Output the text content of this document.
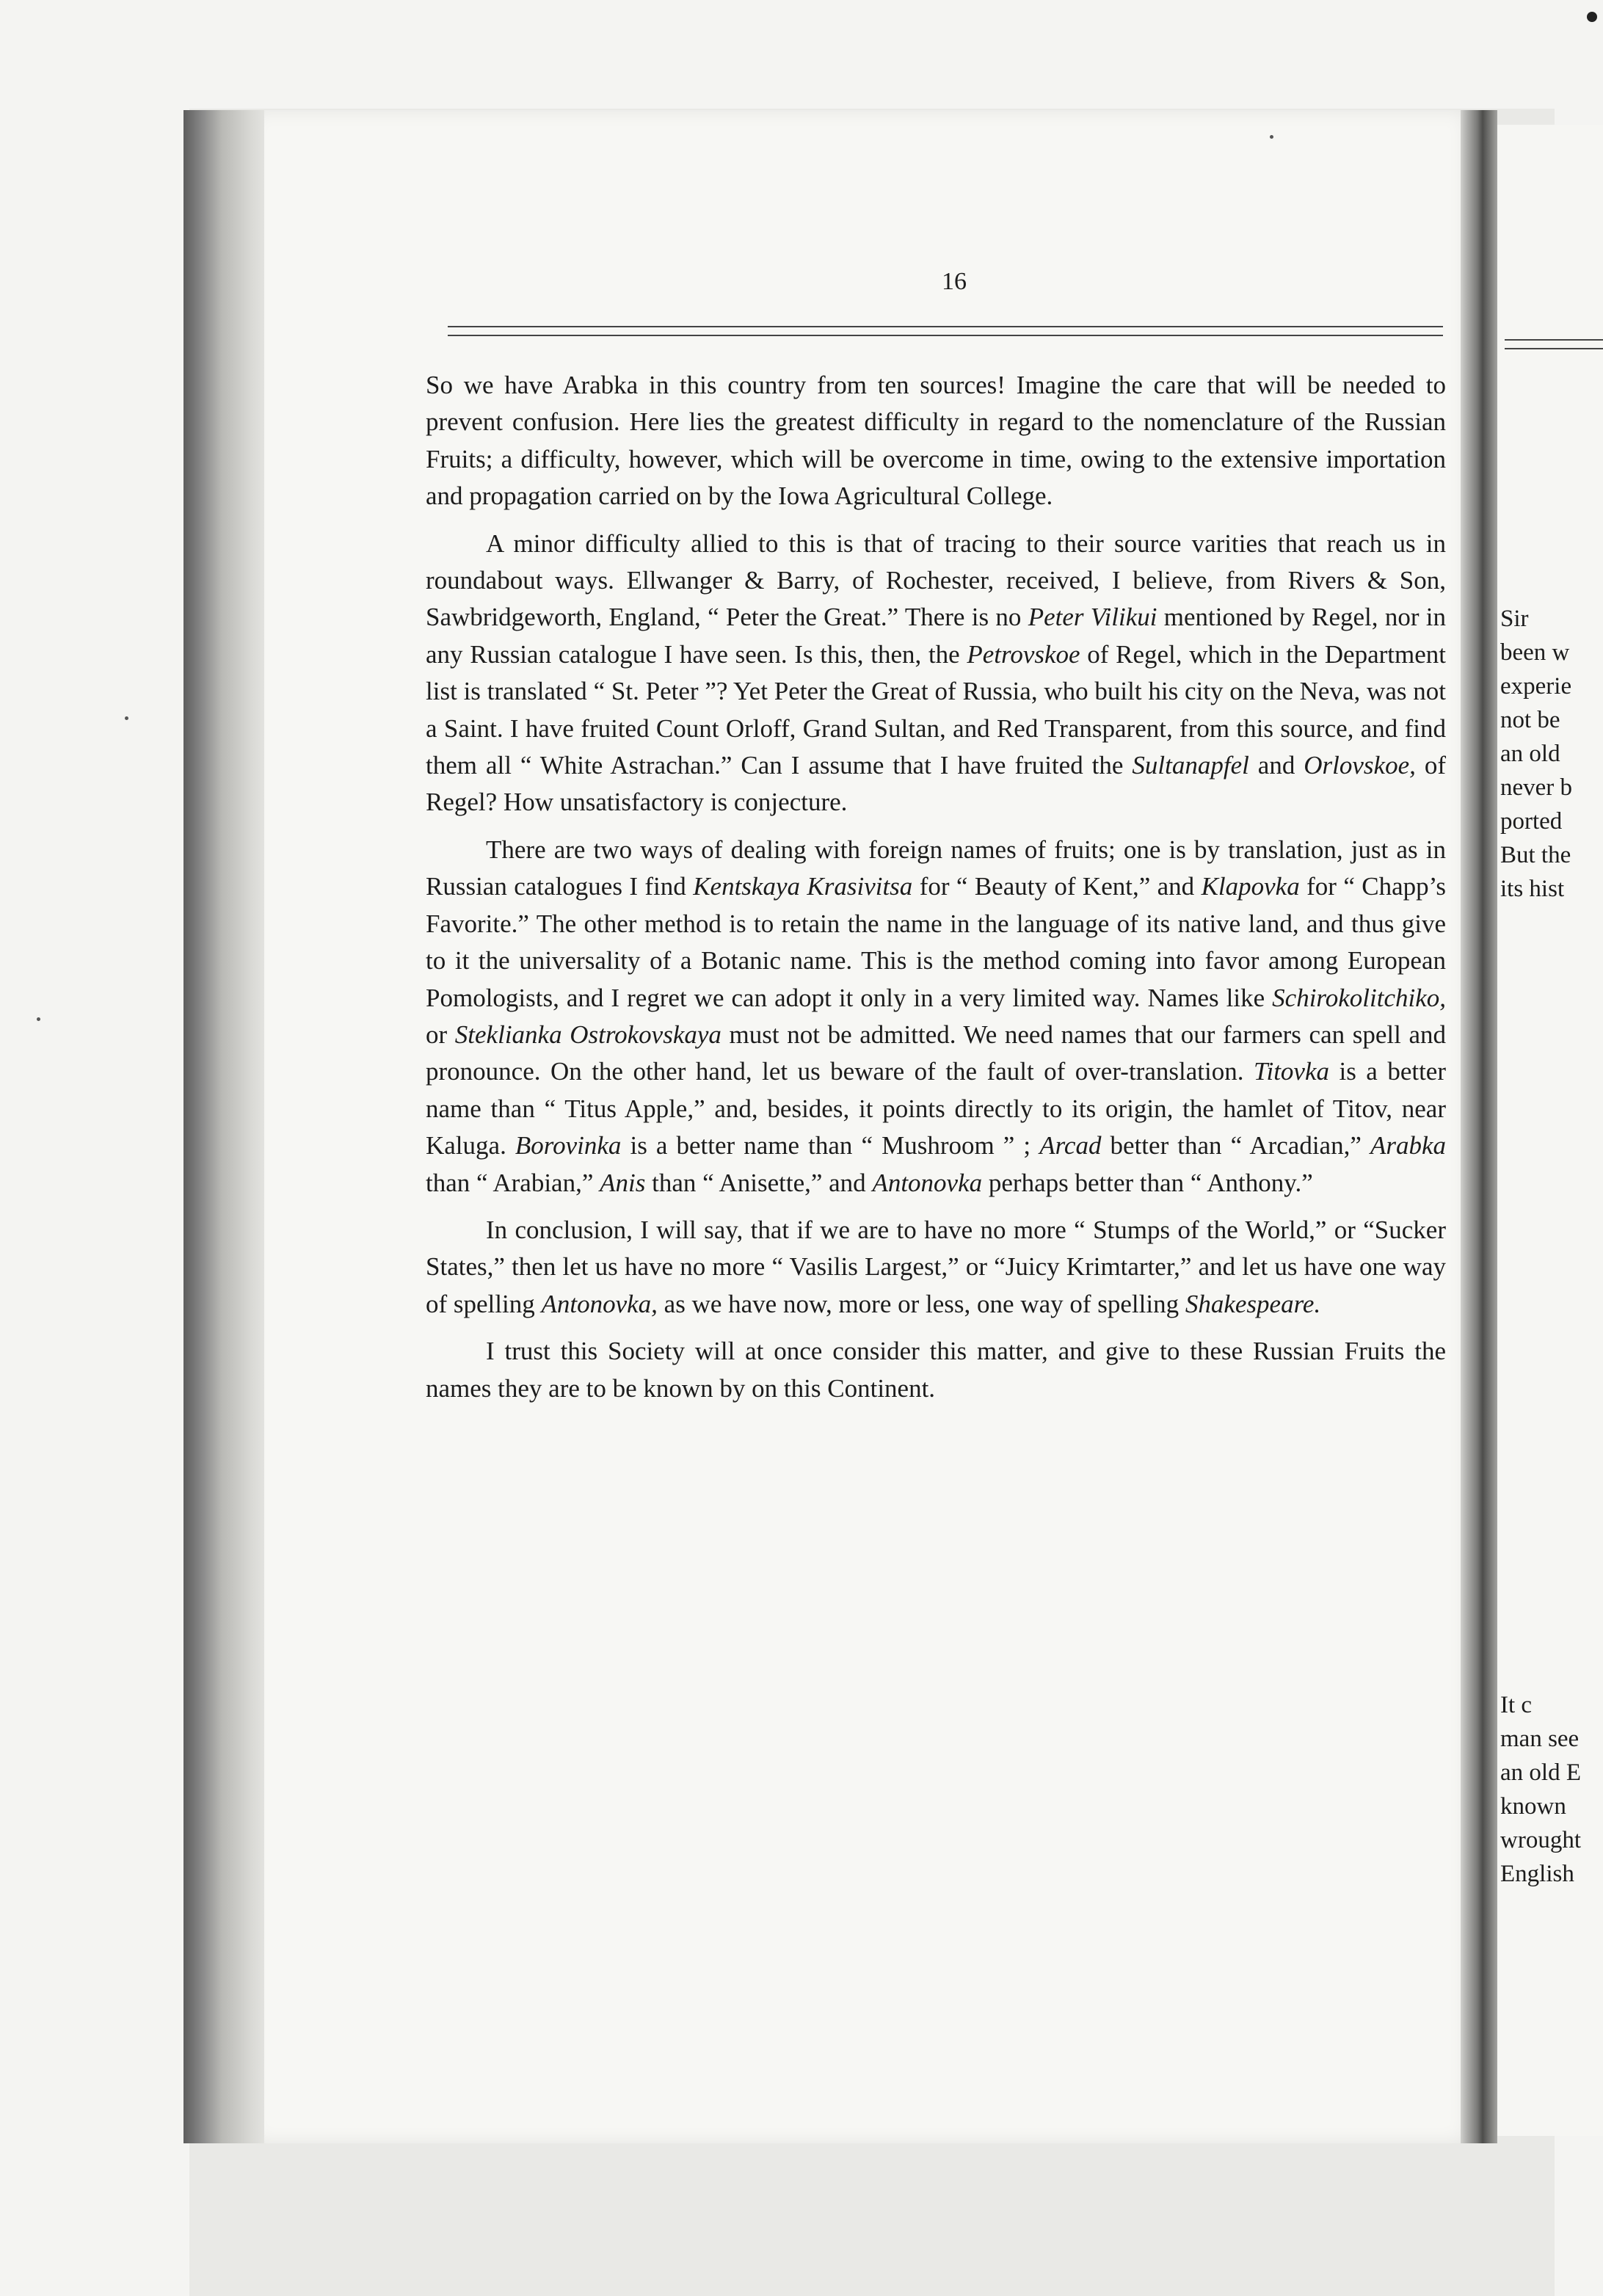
16

So we have Arabka in this country from ten sources! Imagine the care that will be needed to prevent confusion. Here lies the greatest difficulty in regard to the nomenclature of the Russian Fruits; a difficulty, however, which will be overcome in time, owing to the extensive importation and propagation carried on by the Iowa Agricultural College.

A minor difficulty allied to this is that of tracing to their source varities that reach us in roundabout ways. Ellwanger & Barry, of Rochester, received, I believe, from Rivers & Son, Sawbridgeworth, England, “ Peter the Great.” There is no Peter Vilikui mentioned by Regel, nor in any Russian catalogue I have seen. Is this, then, the Petrovskoe of Regel, which in the Department list is translated “ St. Peter ”? Yet Peter the Great of Russia, who built his city on the Neva, was not a Saint. I have fruited Count Orloff, Grand Sultan, and Red Transparent, from this source, and find them all “ White Astrachan.” Can I assume that I have fruited the Sultanapfel and Orlovskoe, of Regel? How unsatisfactory is conjecture.

There are two ways of dealing with foreign names of fruits; one is by translation, just as in Russian catalogues I find Kentskaya Krasivitsa for “ Beauty of Kent,” and Klapovka for “ Chapp’s Favorite.” The other method is to retain the name in the language of its native land, and thus give to it the universality of a Botanic name. This is the method coming into favor among European Pomologists, and I regret we can adopt it only in a very limited way. Names like Schirokolitchiko, or Steklianka Ostrokovskaya must not be admitted. We need names that our farmers can spell and pronounce. On the other hand, let us beware of the fault of over-translation. Titovka is a better name than “ Titus Apple,” and, besides, it points directly to its origin, the hamlet of Titov, near Kaluga. Borovinka is a better name than “ Mushroom ” ; Arcad better than “ Arcadian,” Arabka than “ Arabian,” Anis than “ Anisette,” and Antonovka perhaps better than “ Anthony.”

In conclusion, I will say, that if we are to have no more “ Stumps of the World,” or “Sucker States,” then let us have no more “ Vasilis Largest,” or “Juicy Krimtarter,” and let us have one way of spelling Antonovka, as we have now, more or less, one way of spelling Shakespeare.

I trust this Society will at once consider this matter, and give to these Russian Fruits the names they are to be known by on this Continent.

Sir
been w
experie
not be
an old
never b
ported
But the
its hist
It c
man see
an old E
known
wrought
English
